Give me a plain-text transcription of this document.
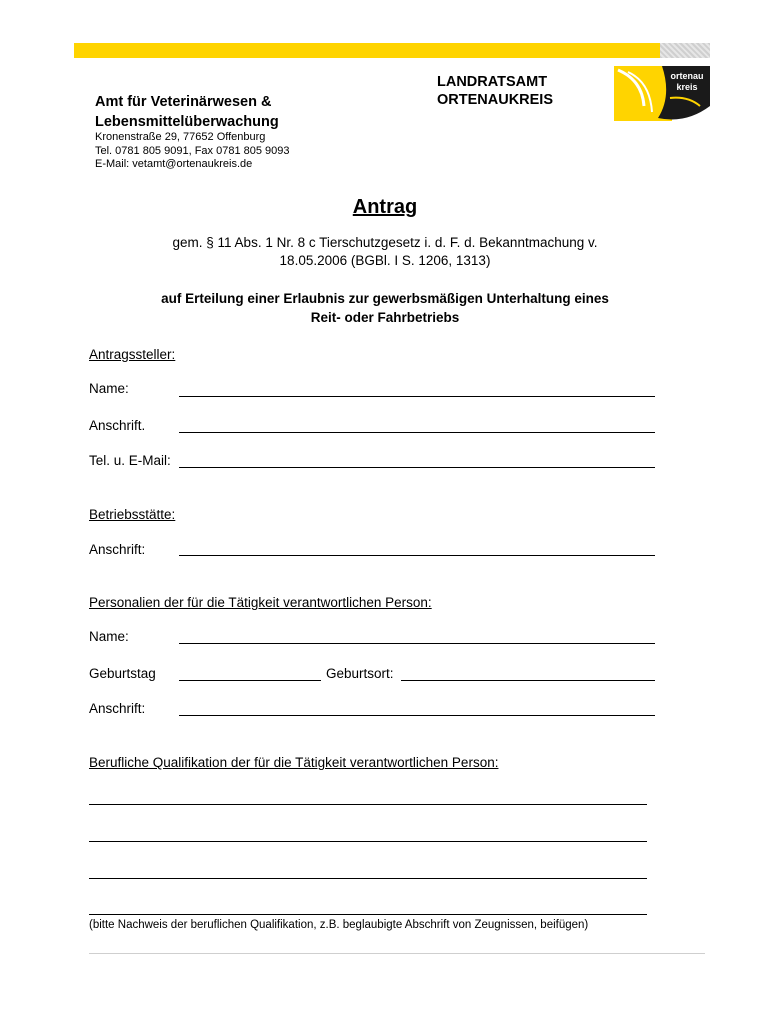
Amt für Veterinärwesen &
Lebensmittelüberwachung
Kronenstraße 29, 77652 Offenburg
Tel. 0781 805 9091, Fax 0781 805 9093
E-Mail: vetamt@ortenaukreis.de
LANDRATSAMT
ORTENAUKREIS
ortenau
kreis
Antrag
gem. § 11 Abs. 1 Nr. 8 c Tierschutzgesetz i. d. F. d. Bekanntmachung v.
18.05.2006 (BGBl. I S. 1206, 1313)
auf Erteilung einer Erlaubnis zur gewerbsmäßigen Unterhaltung eines
Reit- oder Fahrbetriebs
Antragssteller:
Name:
Anschrift.
Tel. u. E-Mail:
Betriebsstätte:
Anschrift:
Personalien der für die Tätigkeit verantwortlichen Person:
Name:
Geburtstag	Geburtsort:
Anschrift:
Berufliche Qualifikation der für die Tätigkeit verantwortlichen Person:
(bitte Nachweis der beruflichen Qualifikation, z.B. beglaubigte Abschrift von Zeugnissen, beifügen)
